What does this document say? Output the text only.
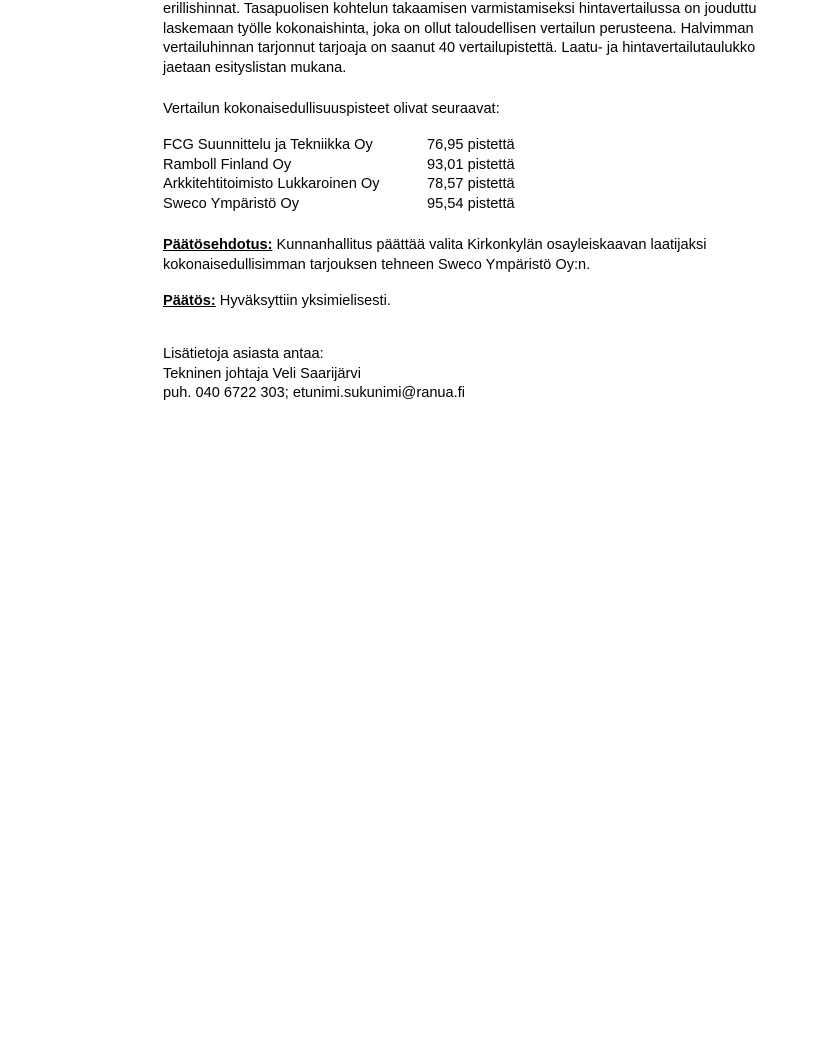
erillishinnat. Tasapuolisen kohtelun takaamisen varmistamiseksi hintavertailussa on jouduttu laskemaan työlle kokonaishinta, joka on ollut taloudellisen vertailun perusteena. Halvimman vertailuhinnan tarjonnut tarjoaja on saanut 40 vertailupistettä. Laatu- ja hintavertailutaulukko jaetaan esityslistan mukana.

Vertailun kokonaisedullisuuspisteet olivat seuraavat:

FCG Suunnittelu ja Tekniikka Oy	76,95 pistettä
Ramboll Finland Oy	93,01 pistettä
Arkkitehtitoimisto Lukkaroinen Oy	78,57 pistettä
Sweco Ympäristö Oy	95,54 pistettä

Päätösehdotus: Kunnanhallitus päättää valita Kirkonkylän osayleiskaavan laatijaksi kokonaisedullisimman tarjouksen tehneen Sweco Ympäristö Oy:n.

Päätös: Hyväksyttiin yksimielisesti.

Lisätietoja asiasta antaa:

Tekninen johtaja Veli Saarijärvi

puh. 040 6722 303; etunimi.sukunimi@ranua.fi
